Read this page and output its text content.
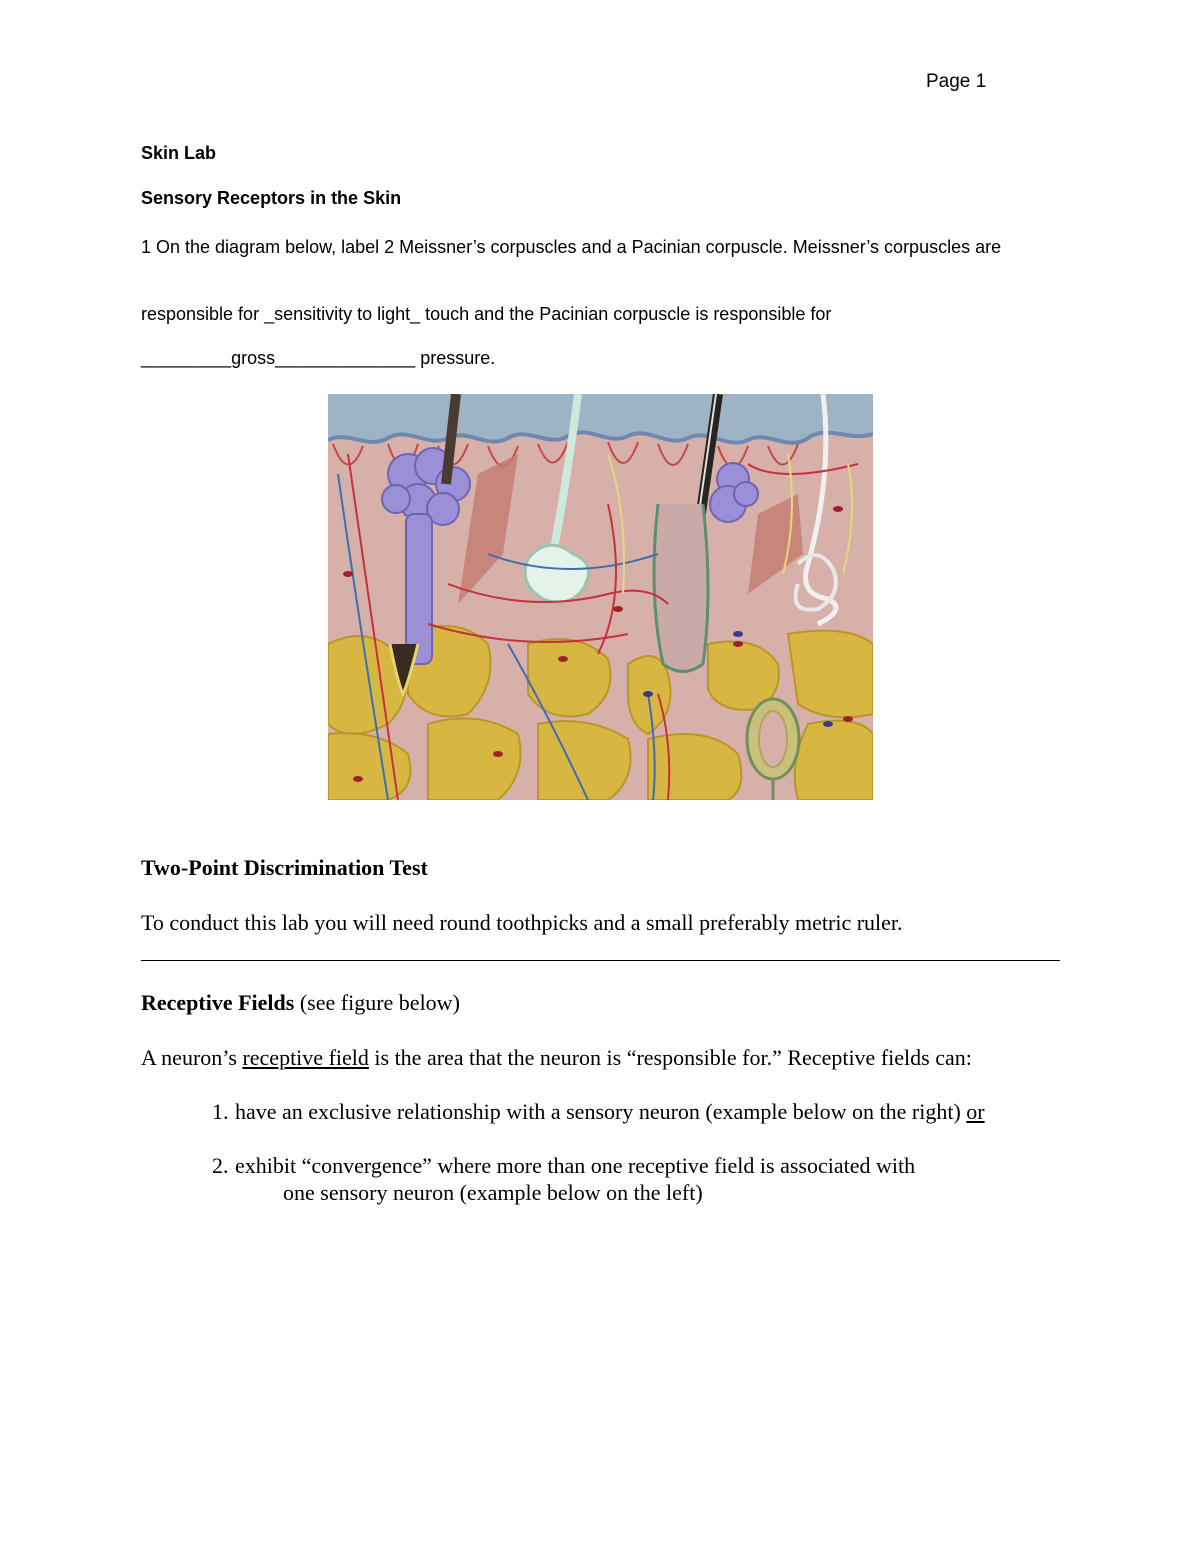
Page 1
Skin Lab
Sensory Receptors in the Skin
1 On the diagram below, label 2 Meissner’s corpuscles and a Pacinian corpuscle. Meissner’s corpuscles are
responsible for _sensitivity to light_ touch and the Pacinian corpuscle is responsible for
_________gross______________ pressure.
Two-Point Discrimination Test
To conduct this lab you will need round toothpicks and a small preferably metric ruler.
Receptive Fields (see figure below)
A neuron’s receptive field is the area that the neuron is “responsible for.” Receptive fields can:
1. have an exclusive relationship with a sensory neuron (example below on the right) or
2. exhibit “convergence” where more than one receptive field is associated with
one sensory neuron (example below on the left)
